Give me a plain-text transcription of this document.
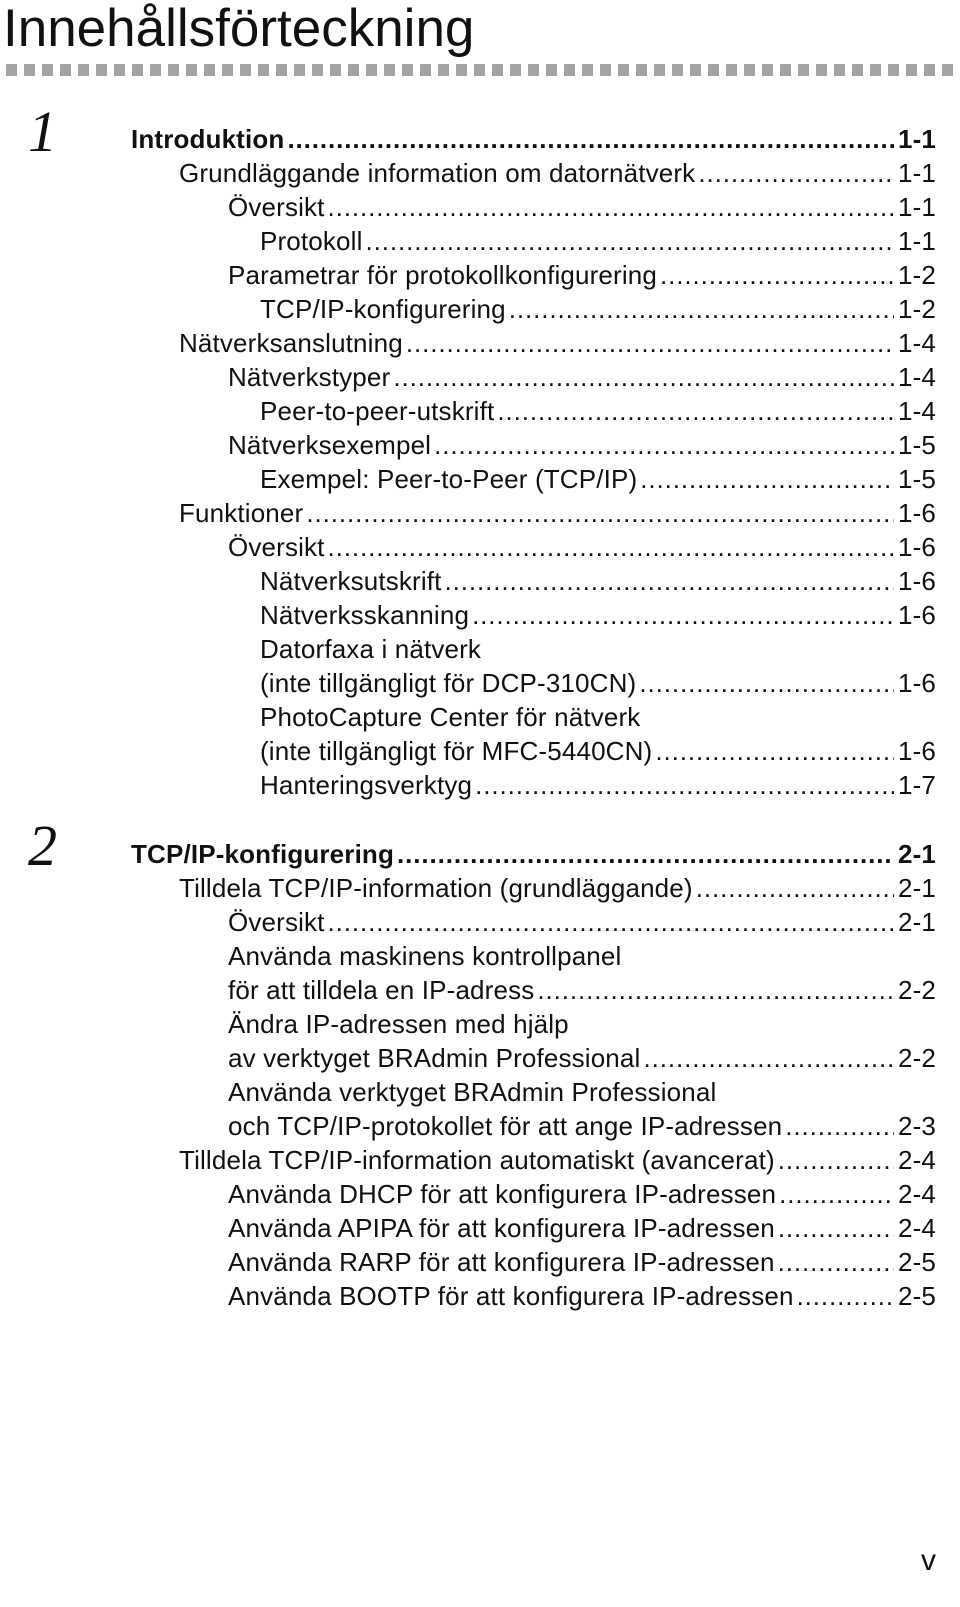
Innehållsförteckning
1	Introduktion .....	1-1
Grundläggande information om datornätverk .....	1-1
Översikt .....	1-1
Protokoll .....	1-1
Parametrar för protokollkonfigurering .....	1-2
TCP/IP-konfigurering .....	1-2
Nätverksanslutning .....	1-4
Nätverkstyper .....	1-4
Peer-to-peer-utskrift .....	1-4
Nätverksexempel .....	1-5
Exempel: Peer-to-Peer (TCP/IP) .....	1-5
Funktioner .....	1-6
Översikt .....	1-6
Nätverksutskrift .....	1-6
Nätverksskanning .....	1-6
Datorfaxa i nätverk
(inte tillgängligt för DCP-310CN) .....	1-6
PhotoCapture Center för nätverk
(inte tillgängligt för MFC-5440CN) .....	1-6
Hanteringsverktyg .....	1-7
2	TCP/IP-konfigurering .....	2-1
Tilldela TCP/IP-information (grundläggande) .....	2-1
Översikt .....	2-1
Använda maskinens kontrollpanel
för att tilldela en IP-adress .....	2-2
Ändra IP-adressen med hjälp
av verktyget BRAdmin Professional .....	2-2
Använda verktyget BRAdmin Professional
och TCP/IP-protokollet för att ange IP-adressen .....	2-3
Tilldela TCP/IP-information automatiskt (avancerat) .....	2-4
Använda DHCP för att konfigurera IP-adressen .....	2-4
Använda APIPA för att konfigurera IP-adressen .....	2-4
Använda RARP för att konfigurera IP-adressen .....	2-5
Använda BOOTP för att konfigurera IP-adressen .....	2-5
v
